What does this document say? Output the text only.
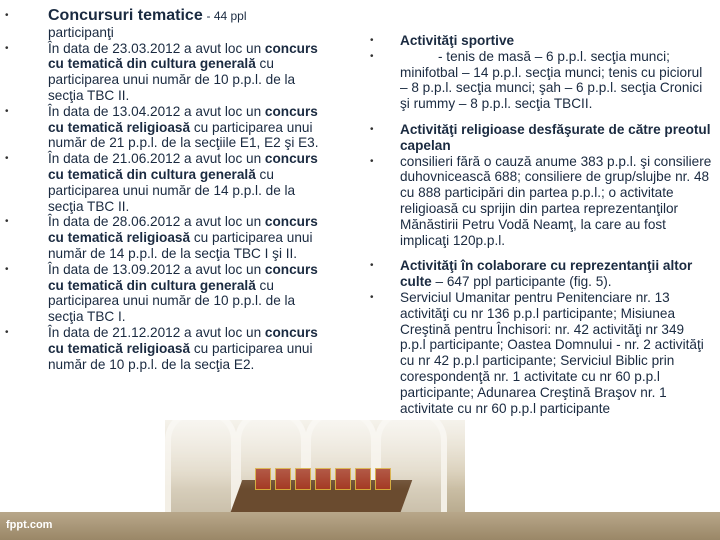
• Concursuri tematice - 44 ppl
participanţi
•	În data de 23.03.2012 a avut loc un concurs cu tematică din cultura generală cu participarea unui număr de 10 p.p.l. de la secţia TBC II.
•	În data de 13.04.2012 a avut loc un concurs cu tematică religioasă cu participarea unui număr de 21 p.p.l. de la secţiile E1, E2 şi E3.
•	În data de 21.06.2012 a avut loc un concurs cu tematică din cultura generală cu participarea unui număr de 14 p.p.l. de la secţia TBC II.
•	În data de 28.06.2012 a avut loc un concurs cu tematică religioasă cu participarea unui număr de 14 p.p.l. de la secţia TBC I şi II.
•	În data de 13.09.2012 a avut loc un concurs cu tematică din cultura generală cu participarea unui număr de 10 p.p.l. de la secţia TBC I.
•	În data de 21.12.2012 a avut loc un concurs cu tematică religioasă cu participarea unui număr de 10 p.p.l. de la secţia E2.
• Activităţi sportive
•	- tenis de masă – 6 p.p.l. secţia munci; minifotbal – 14 p.p.l. secţia munci; tenis cu piciorul – 8 p.p.l. secţia munci; şah – 6 p.p.l. secţia Cronici şi rummy – 8 p.p.l. secţia TBCII.
• Activităţi religioase desfăşurate de către preotul capelan
• consilieri fără o cauză anume 383 p.p.l. şi consiliere duhovnicească 688; consiliere de grup/slujbe nr. 48 cu 888 participări din partea p.p.l.; o activitate religioasă cu sprijin din partea reprezentanţilor Mănăstirii Petru Vodă Neamţ, la care au fost implicaţi 120p.p.l.
• Activităţi în colaborare cu reprezentanţii altor culte – 647 ppl participante (fig. 5).
• Serviciul Umanitar pentru Penitenciare nr. 13 activităţi cu nr 136 p.p.l participante; Misiunea Creştină pentru Închisori: nr. 42 activităţi nr 349 p.p.l participante; Oastea Domnului - nr. 2 activităţi cu nr 42 p.p.l participante; Serviciul Biblic prin corespondenţă nr. 1 activitate cu nr 60 p.p.l participante; Adunarea Creştină Braşov nr. 1 activitate cu nr 60 p.p.l participante
fppt.com
